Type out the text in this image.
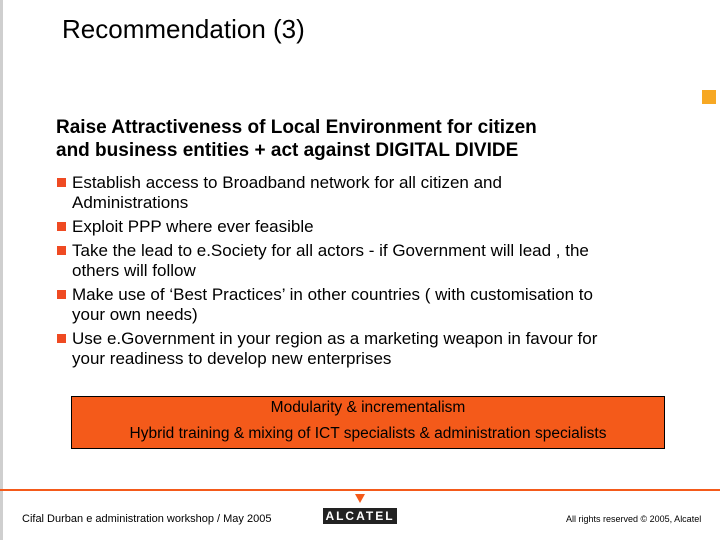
Recommendation (3)
Raise Attractiveness of Local Environment for citizen
and business entities + act against DIGITAL DIVIDE
Establish access to Broadband network for all citizen and
Administrations
Exploit PPP where ever feasible
Take the lead to e.Society for all actors - if Government will lead , the
others will follow
Make use of ‘Best Practices’ in other countries ( with customisation to
your own needs)
Use e.Government in your region as a marketing weapon in favour for
your readiness to develop new enterprises
Modularity & incrementalism
Hybrid training & mixing of ICT specialists & administration specialists
Cifal Durban e administration workshop / May 2005	ALCATEL	All rights reserved © 2005, Alcatel
